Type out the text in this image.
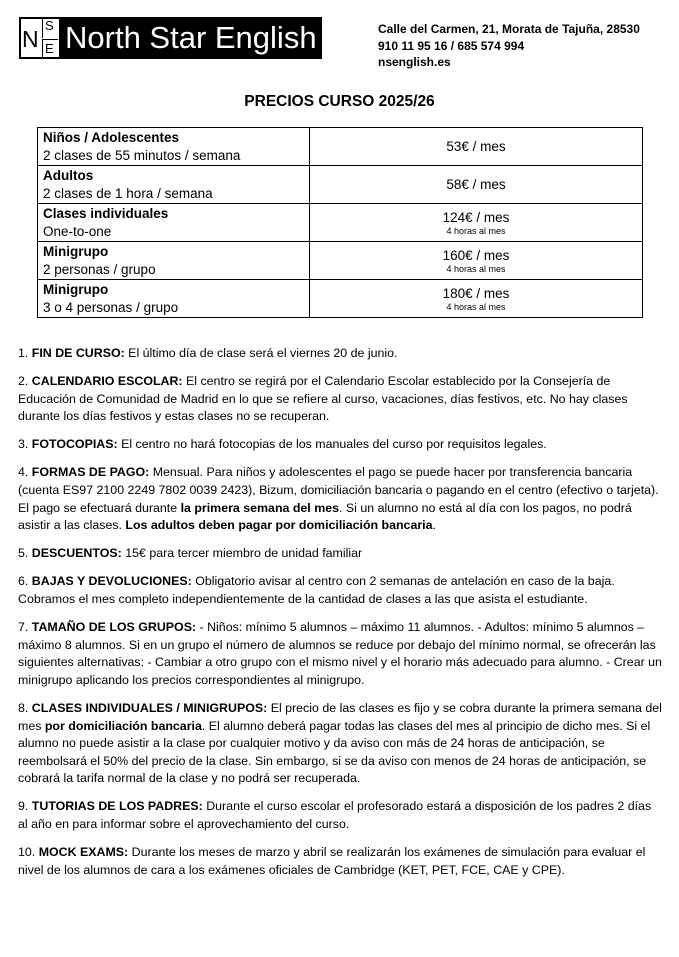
N
S
E North Star English	Calle del Carmen, 21, Morata de Tajuña, 28530
910 11 95 16 / 685 574 994
nsenglish.es
PRECIOS CURSO 2025/26
Niños / Adolescentes
2 clases de 55 minutos / semana	53€ / mes

Adultos
2 clases de 1 hora / semana	58€ / mes

Clases individuales
One-to-one	124€ / mes
4 horas al mes

Minigrupo
2 personas / grupo	160€ / mes
4 horas al mes

Minigrupo
3 o 4 personas / grupo	180€ / mes
4 horas al mes
1. FIN DE CURSO: El último día de clase será el viernes 20 de junio.
2. CALENDARIO ESCOLAR: El centro se regirá por el Calendario Escolar establecido por la Consejería de Educación de Comunidad de Madrid en lo que se refiere al curso, vacaciones, días festivos, etc. No hay clases durante los días festivos y estas clases no se recuperan.
3. FOTOCOPIAS: El centro no hará fotocopias de los manuales del curso por requisitos legales.
4. FORMAS DE PAGO: Mensual. Para niños y adolescentes el pago se puede hacer por transferencia bancaria (cuenta ES97 2100 2249 7802 0039 2423), Bizum, domiciliación bancaria o pagando en el centro (efectivo o tarjeta). El pago se efectuará durante la primera semana del mes. Si un alumno no está al día con los pagos, no podrá asistir a las clases. Los adultos deben pagar por domiciliación bancaria.
5. DESCUENTOS: 15€ para tercer miembro de unidad familiar
6. BAJAS Y DEVOLUCIONES: Obligatorio avisar al centro con 2 semanas de antelación en caso de la baja. Cobramos el mes completo independientemente de la cantidad de clases a las que asista el estudiante.
7. TAMAÑO DE LOS GRUPOS: - Niños: mínimo 5 alumnos – máximo 11 alumnos. - Adultos: mínimo 5 alumnos – máximo 8 alumnos. Si en un grupo el número de alumnos se reduce por debajo del mínimo normal, se ofrecerán las siguientes alternativas: - Cambiar a otro grupo con el mismo nivel y el horario más adecuado para alumno. - Crear un minigrupo aplicando los precios correspondientes al minigrupo.
8. CLASES INDIVIDUALES / MINIGRUPOS: El precio de las clases es fijo y se cobra durante la primera semana del mes por domiciliación bancaria. El alumno deberá pagar todas las clases del mes al principio de dicho mes. Si el alumno no puede asistir a la clase por cualquier motivo y da aviso con más de 24 horas de anticipación, se reembolsará el 50% del precio de la clase. Sin embargo, si se da aviso con menos de 24 horas de anticipación, se cobrará la tarifa normal de la clase y no podrá ser recuperada.
9. TUTORIAS DE LOS PADRES: Durante el curso escolar el profesorado estará a disposición de los padres 2 días al año en para informar sobre el aprovechamiento del curso.
10. MOCK EXAMS: Durante los meses de marzo y abril se realizarán los exámenes de simulación para evaluar el nivel de los alumnos de cara a los exámenes oficiales de Cambridge (KET, PET, FCE, CAE y CPE).
